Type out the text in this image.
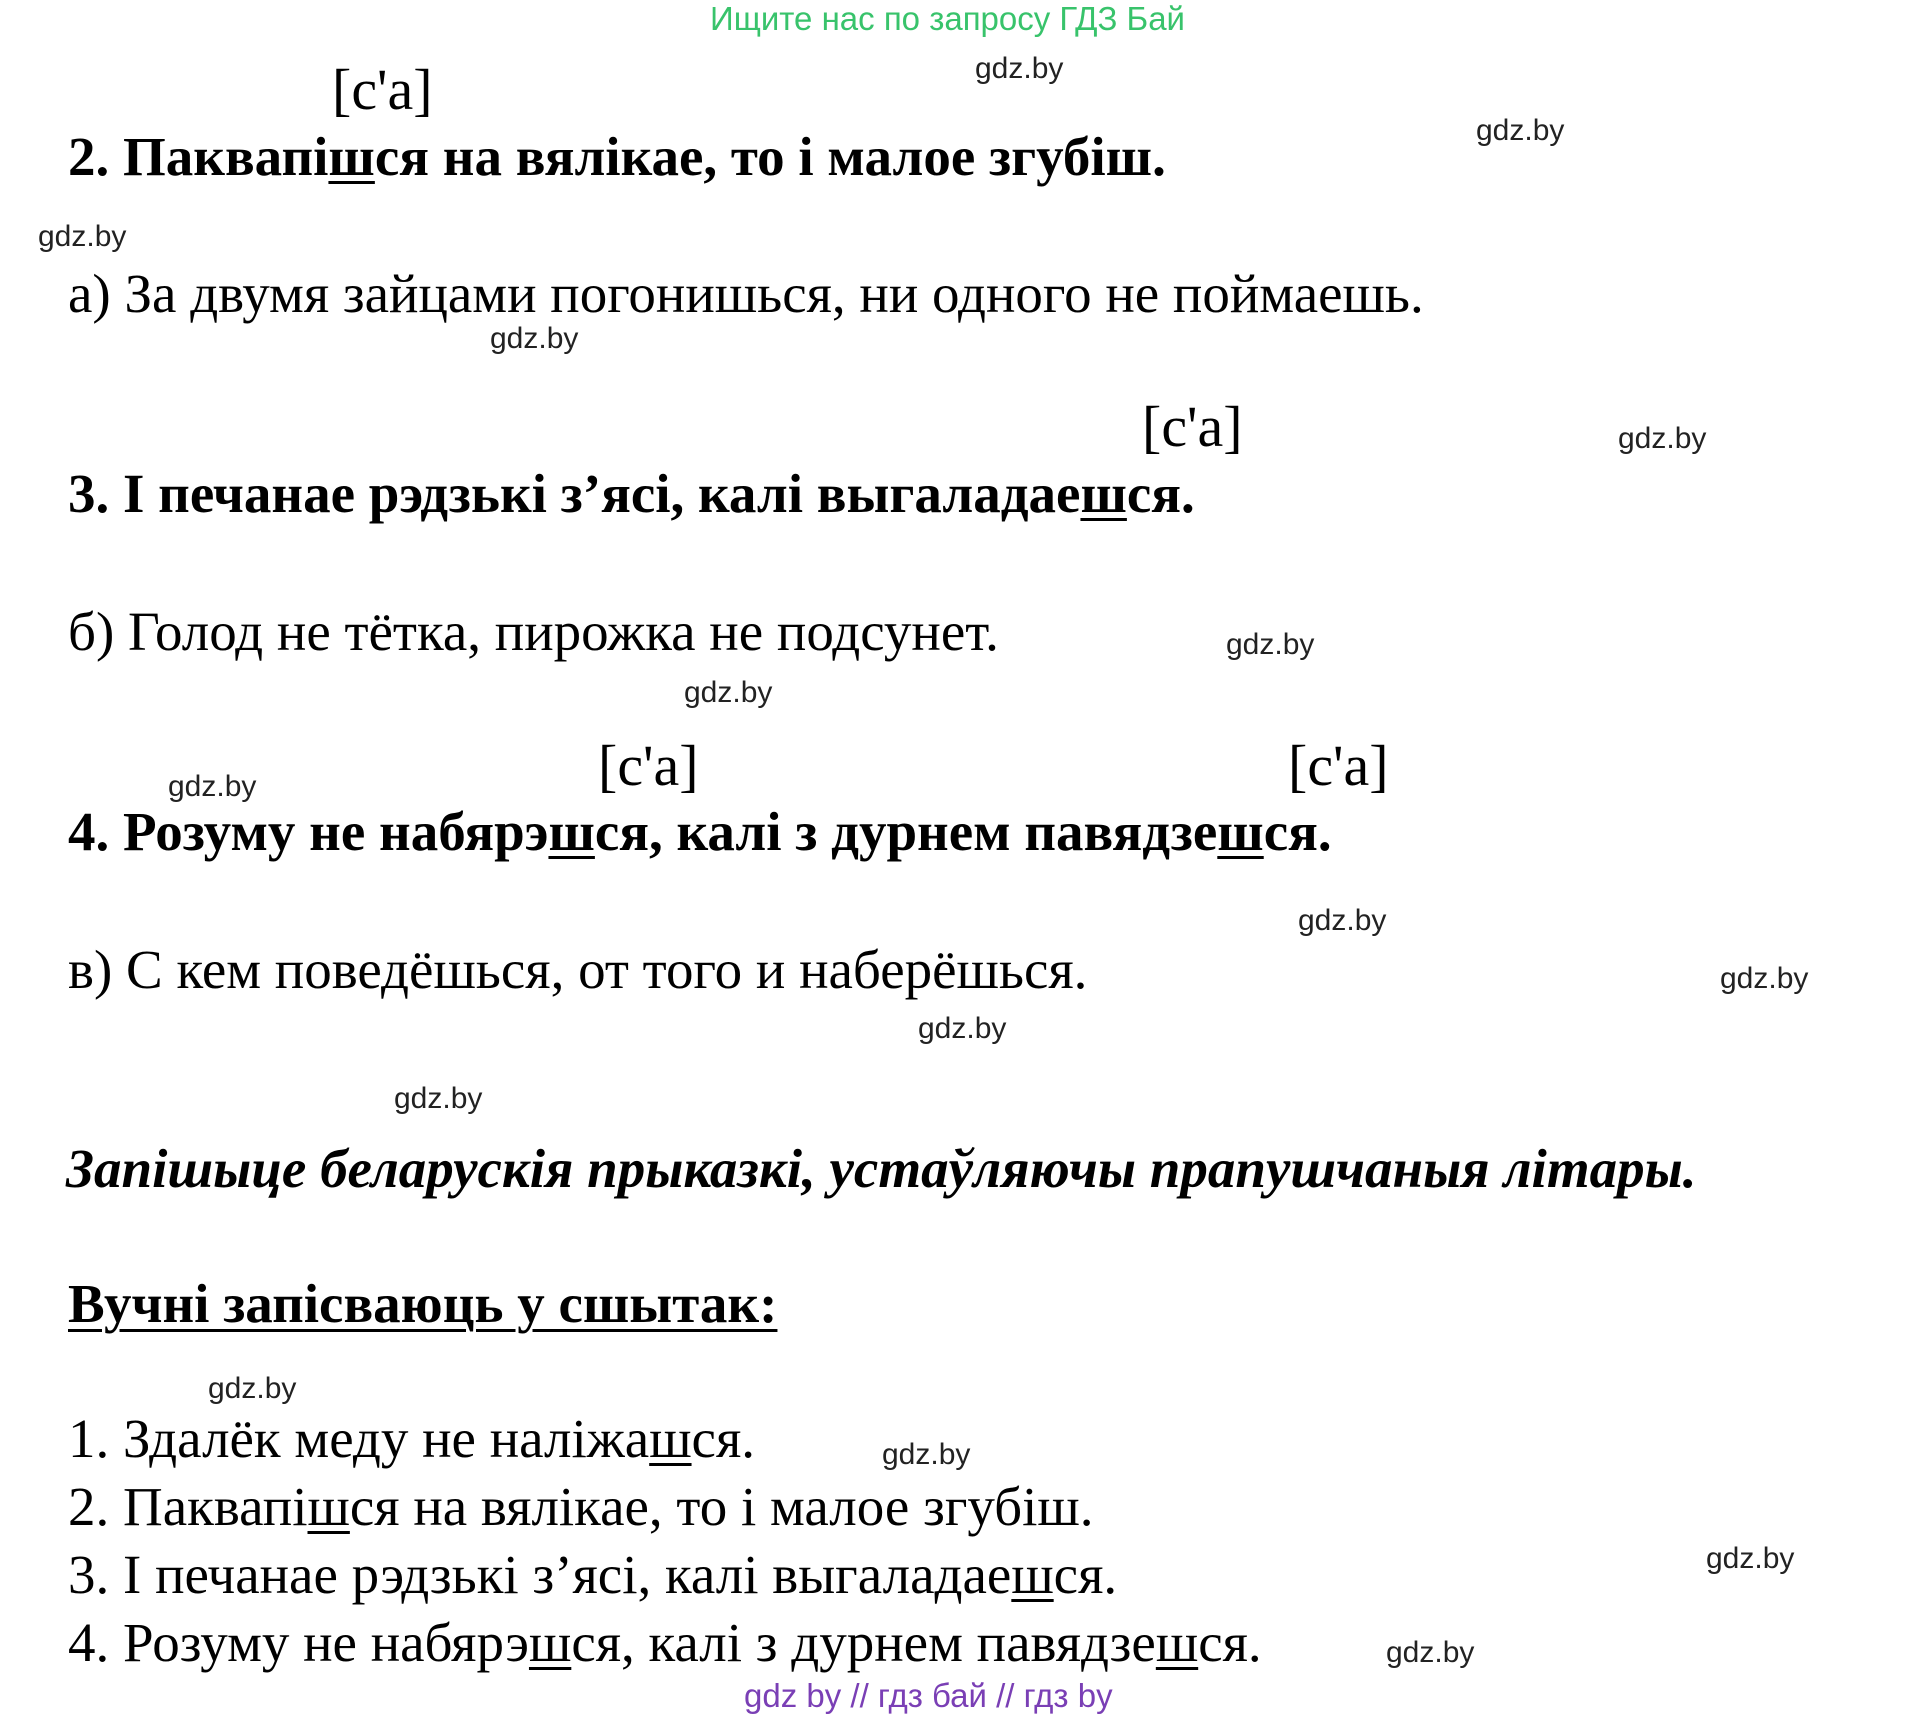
Ищите нас по запросу ГДЗ Бай
[с'а]
2. Паквапішся на вялікае, то і малое згубіш.
а) За двумя зайцами погонишься, ни одного не поймаешь.
[с'а]
3. І печанае рэдзькі з’ясі, калі выгаладаешся.
б) Голод не тётка, пирожка не подсунет.
[с'а]	[с'а]
4. Розуму не набярэшся, калі з дурнем павядзешся.
в) С кем поведёшься, от того и наберёшься.
Запішыце беларускія прыказкі, устаўляючы прапушчаныя літары.
Вучні запісваюць у сшытак:
1. Здалёк меду не наліжашся.
2. Паквапішся на вялікае, то і малое згубіш.
3. І печанае рэдзькі з’ясі, калі выгаладаешся.
4. Розуму не набярэшся, калі з дурнем павядзешся.
gdz.by
gdz.by
gdz.by
gdz.by
gdz.by
gdz.by
gdz.by
gdz.by
gdz.by
gdz.by
gdz.by
gdz.by
gdz.by
gdz.by
gdz.by
gdz.by
gdz by // гдз бай // гдз by
